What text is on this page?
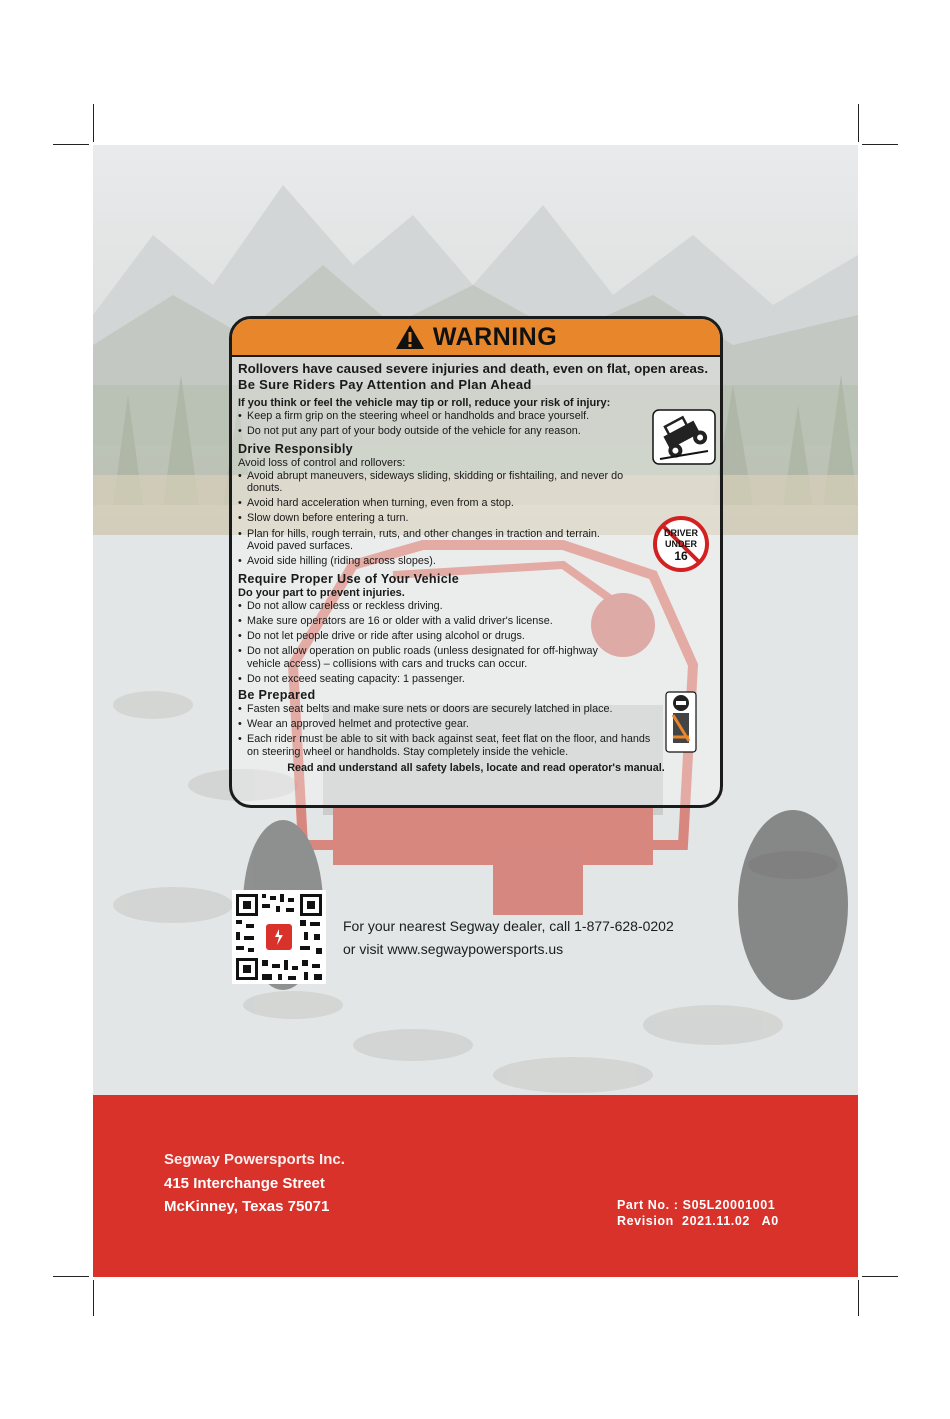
WARNING
Rollovers have caused severe injuries and death, even on flat, open areas.
Be Sure Riders Pay Attention and Plan Ahead
If you think or feel the vehicle may tip or roll, reduce your risk of injury:
• Keep a firm grip on the steering wheel or handholds and brace yourself.
• Do not put any part of your body outside of the vehicle for any reason.
Drive Responsibly
Avoid loss of control and rollovers:
• Avoid abrupt maneuvers, sideways sliding, skidding or fishtailing, and never do donuts.
• Avoid hard acceleration when turning, even from a stop.
• Slow down before entering a turn.
• Plan for hills, rough terrain, ruts, and other changes in traction and terrain. Avoid paved surfaces.
• Avoid side hilling (riding across slopes).
Require Proper Use of Your Vehicle
Do your part to prevent injuries.
• Do not allow careless or reckless driving.
• Make sure operators are 16 or older with a valid driver's license.
• Do not let people drive or ride after using alcohol or drugs.
• Do not allow operation on public roads (unless designated for off-highway vehicle access) – collisions with cars and trucks can occur.
• Do not exceed seating capacity: 1 passenger.
Be Prepared
• Fasten seat belts and make sure nets or doors are securely latched in place.
• Wear an approved helmet and protective gear.
• Each rider must be able to sit with back against seat, feet flat on the floor, and hands on steering wheel or handholds. Stay completely inside the vehicle.
Read and understand all safety labels, locate and read operator's manual.
DRIVER
UNDER
16
For your nearest Segway dealer, call 1-877-628-0202
or visit www.segwaypowersports.us
Segway Powersports Inc.
415 Interchange Street
McKinney, Texas 75071	Part No. : S05L20001001
Revision  2021.11.02   A0
